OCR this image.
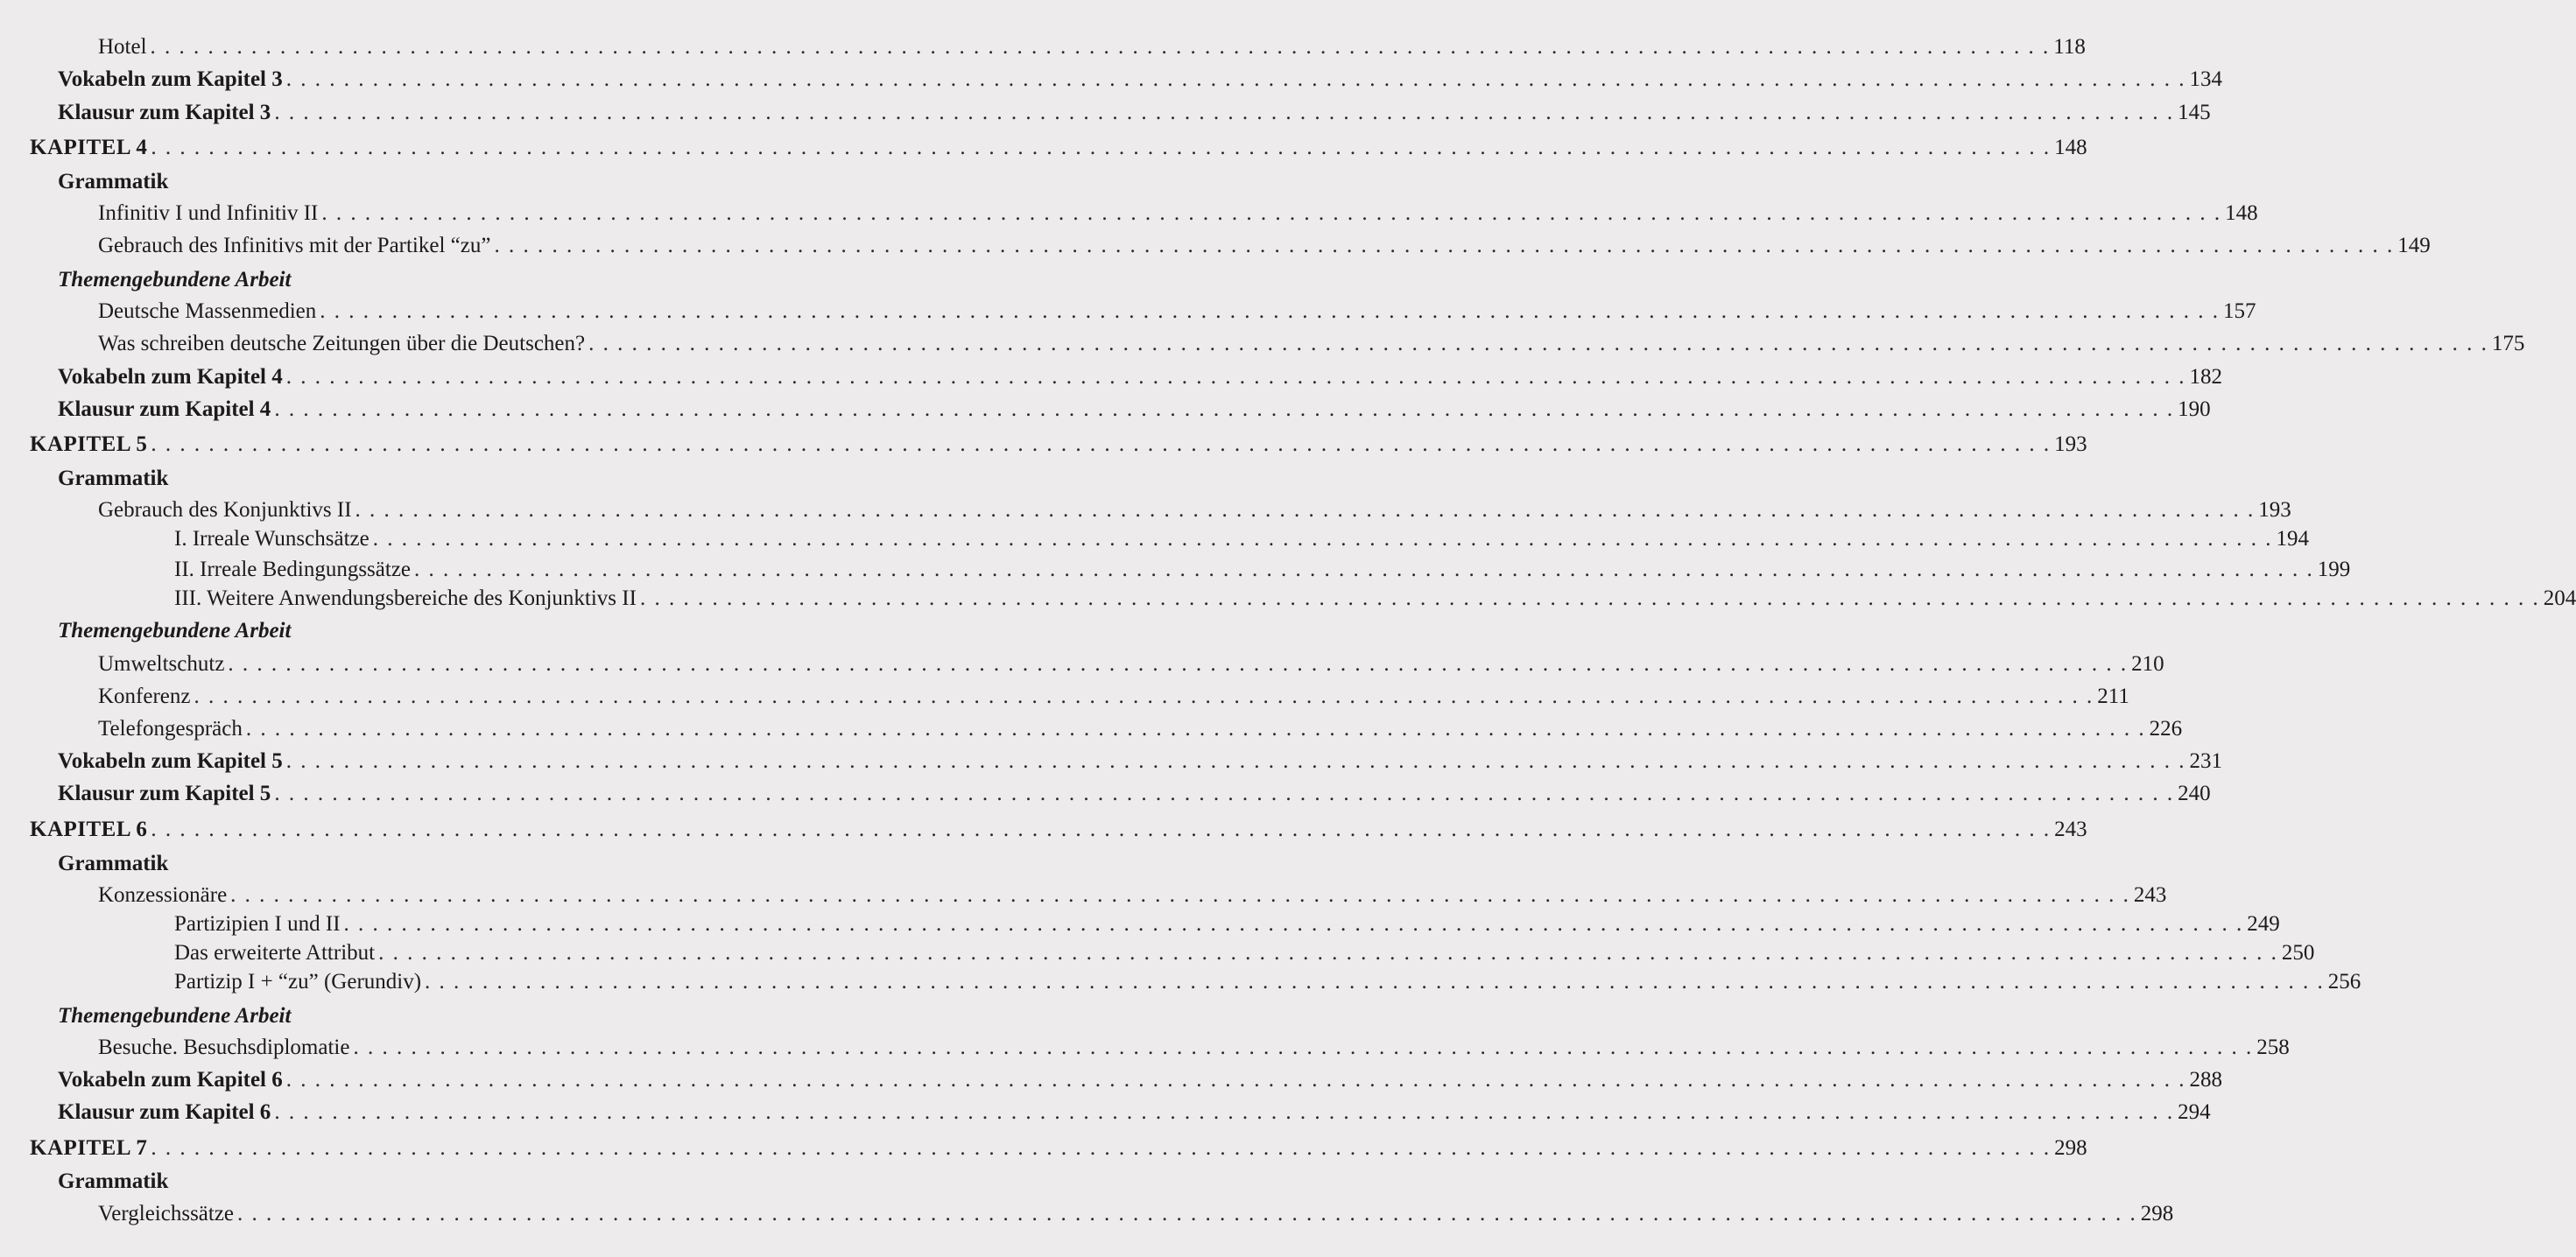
Hotel . . .	118
Vokabeln zum Kapitel 3 . . .	134
Klausur zum Kapitel 3 . . .	145
KAPITEL 4 . . .	148
Grammatik
Infinitiv I und Infinitiv II . . .	148
Gebrauch des Infinitivs mit der Partikel “zu” . . .	149
Themengebundene Arbeit
Deutsche Massenmedien . . .	157
Was schreiben deutsche Zeitungen über die Deutschen? . . .	175
Vokabeln zum Kapitel 4 . . .	182
Klausur zum Kapitel 4 . . .	190
KAPITEL 5 . . .	193
Grammatik
Gebrauch des Konjunktivs II . . .	193
I. Irreale Wunschsätze . . .	194
II. Irreale Bedingungssätze . . .	199
III. Weitere Anwendungsbereiche des Konjunktivs II . . .	204
Themengebundene Arbeit
Umweltschutz . . .	210
Konferenz . . .	211
Telefongespräch . . .	226
Vokabeln zum Kapitel 5 . . .	231
Klausur zum Kapitel 5 . . .	240
KAPITEL 6 . . .	243
Grammatik
Konzessionäre . . .	243
Partizipien I und II . . .	249
Das erweiterte Attribut . . .	250
Partizip I + “zu” (Gerundiv) . . .	256
Themengebundene Arbeit
Besuche. Besuchsdiplomatie . . .	258
Vokabeln zum Kapitel 6 . . .	288
Klausur zum Kapitel 6 . . .	294
KAPITEL 7 . . .	298
Grammatik
Vergleichssätze . . .	298
